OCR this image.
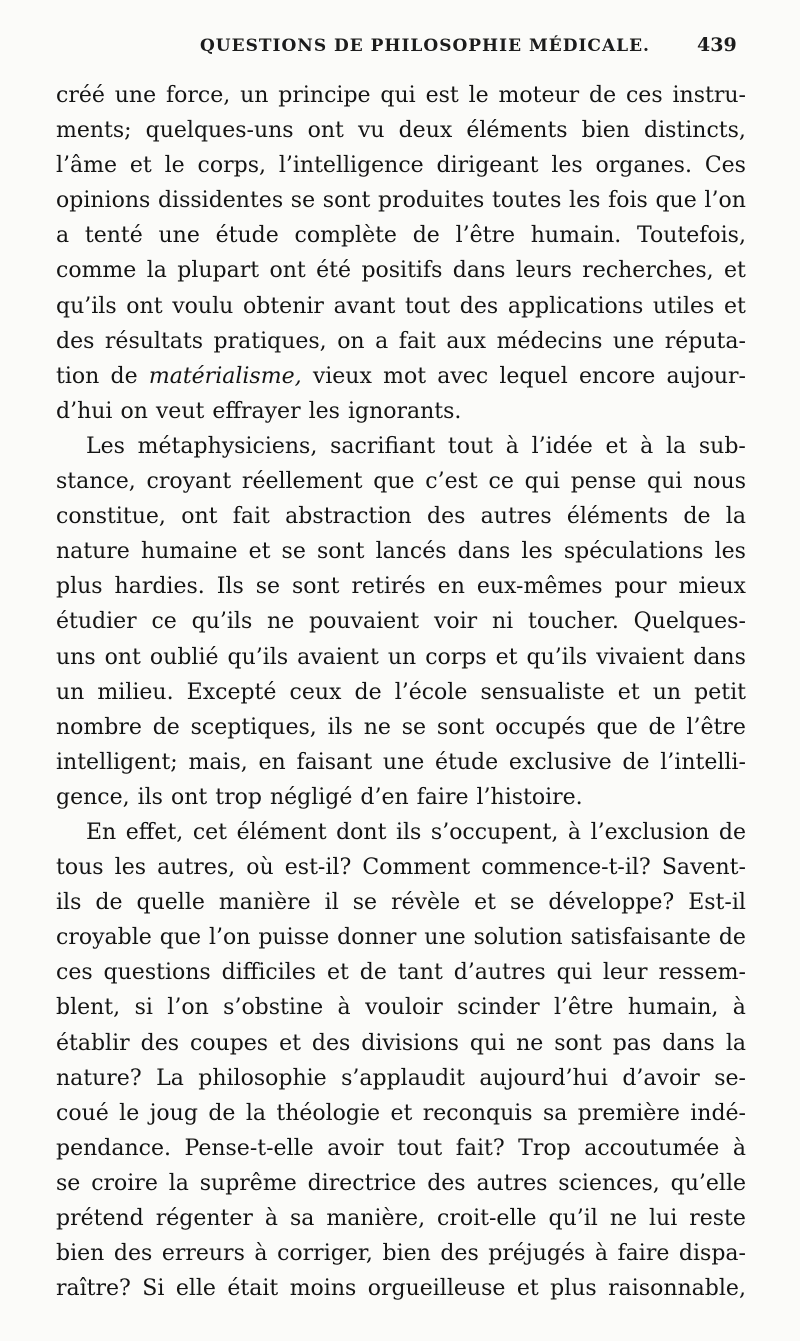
QUESTIONS DE PHILOSOPHIE MÉDICALE. 439
créé une force, un principe qui est le moteur de ces instru-
ments; quelques-uns ont vu deux éléments bien distincts,
l’âme et le corps, l’intelligence dirigeant les organes. Ces
opinions dissidentes se sont produites toutes les fois que l’on
a tenté une étude complète de l’être humain. Toutefois,
comme la plupart ont été positifs dans leurs recherches, et
qu’ils ont voulu obtenir avant tout des applications utiles et
des résultats pratiques, on a fait aux médecins une réputa-
tion de matérialisme, vieux mot avec lequel encore aujour-
d’hui on veut effrayer les ignorants.
Les métaphysiciens, sacrifiant tout à l’idée et à la sub-
stance, croyant réellement que c’est ce qui pense qui nous
constitue, ont fait abstraction des autres éléments de la
nature humaine et se sont lancés dans les spéculations les
plus hardies. Ils se sont retirés en eux-mêmes pour mieux
étudier ce qu’ils ne pouvaient voir ni toucher. Quelques-
uns ont oublié qu’ils avaient un corps et qu’ils vivaient dans
un milieu. Excepté ceux de l’école sensualiste et un petit
nombre de sceptiques, ils ne se sont occupés que de l’être
intelligent; mais, en faisant une étude exclusive de l’intelli-
gence, ils ont trop négligé d’en faire l’histoire.
En effet, cet élément dont ils s’occupent, à l’exclusion de
tous les autres, où est-il? Comment commence-t-il? Savent-
ils de quelle manière il se révèle et se développe? Est-il
croyable que l’on puisse donner une solution satisfaisante de
ces questions difficiles et de tant d’autres qui leur ressem-
blent, si l’on s’obstine à vouloir scinder l’être humain, à
établir des coupes et des divisions qui ne sont pas dans la
nature? La philosophie s’applaudit aujourd’hui d’avoir se-
coué le joug de la théologie et reconquis sa première indé-
pendance. Pense-t-elle avoir tout fait? Trop accoutumée à
se croire la suprême directrice des autres sciences, qu’elle
prétend régenter à sa manière, croit-elle qu’il ne lui reste
bien des erreurs à corriger, bien des préjugés à faire dispa-
raître? Si elle était moins orgueilleuse et plus raisonnable,
